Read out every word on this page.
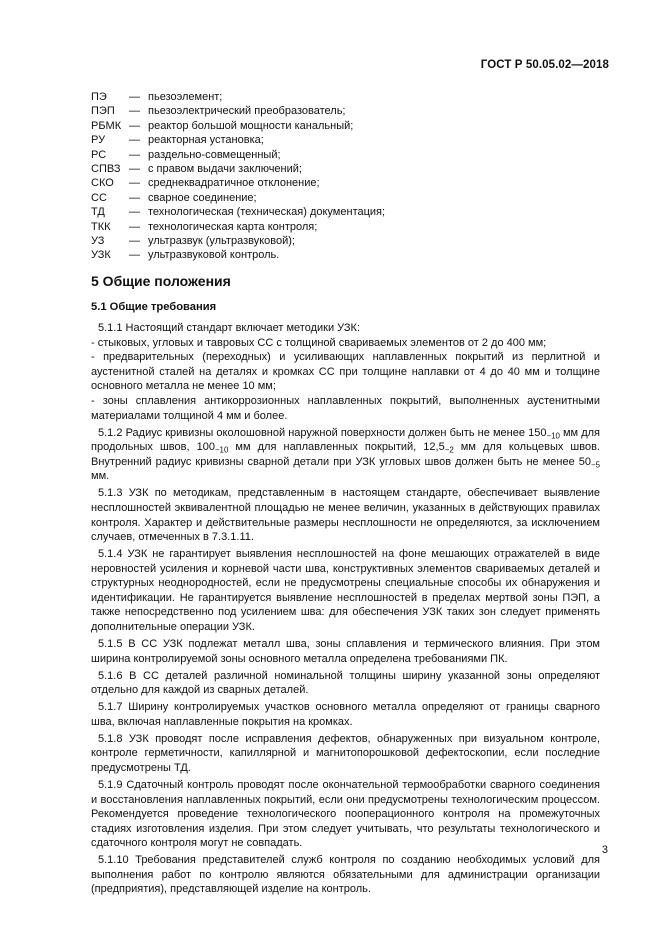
ГОСТ Р 50.05.02—2018
ПЭ	— пьезоэлемент;
ПЭП	— пьезоэлектрический преобразователь;
РБМК — реактор большой мощности канальный;
РУ	— реакторная установка;
РС	— раздельно-совмещенный;
СПВЗ — с правом выдачи заключений;
СКО	— среднеквадратичное отклонение;
СС	— сварное соединение;
ТД	— технологическая (техническая) документация;
ТКК	— технологическая карта контроля;
УЗ	— ультразвук (ультразвуковой);
УЗК	— ультразвуковой контроль.
5 Общие положения
5.1 Общие требования

5.1.1 Настоящий стандарт включает методики УЗК:

- стыковых, угловых и тавровых СС с толщиной свариваемых элементов от 2 до 400 мм;

- предварительных (переходных) и усиливающих наплавленных покрытий из перлитной и аустенитной сталей на деталях и кромках СС при толщине наплавки от 4 до 40 мм и толщине основного металла не менее 10 мм;

- зоны сплавления антикоррозионных наплавленных покрытий, выполненных аустенитными материалами толщиной 4 мм и более.

5.1.2 Радиус кривизны околошовной наружной поверхности должен быть не менее $150_{-10}$ мм для продольных швов, $100_{-10}$ мм для наплавленных покрытий, $12,5_{-2}$ мм для кольцевых швов. Внутренний радиус кривизны сварной детали при УЗК угловых швов должен быть не менее $50_{-5}$ мм.

5.1.3 УЗК по методикам, представленным в настоящем стандарте, обеспечивает выявление несплошностей эквивалентной площадью не менее величин, указанных в действующих правилах контроля. Характер и действительные размеры несплошности не определяются, за исключением случаев, отмеченных в 7.3.1.11.

5.1.4 УЗК не гарантирует выявления несплошностей на фоне мешающих отражателей в виде неровностей усиления и корневой части шва, конструктивных элементов свариваемых деталей и структурных неоднородностей, если не предусмотрены специальные способы их обнаружения и идентификации. Не гарантируется выявление несплошностей в пределах мертвой зоны ПЭП, а также непосредственно под усилением шва: для обеспечения УЗК таких зон следует применять дополнительные операции УЗК.

5.1.5 В СС УЗК подлежат металл шва, зоны сплавления и термического влияния. При этом ширина контролируемой зоны основного металла определена требованиями ПК.

5.1.6 В СС деталей различной номинальной толщины ширину указанной зоны определяют отдельно для каждой из сварных деталей.

5.1.7 Ширину контролируемых участков основного металла определяют от границы сварного шва, включая наплавленные покрытия на кромках.

5.1.8 УЗК проводят после исправления дефектов, обнаруженных при визуальном контроле, контроле герметичности, капиллярной и магнитопорошковой дефектоскопии, если последние предусмотрены ТД.

5.1.9 Сдаточный контроль проводят после окончательной термообработки сварного соединения и восстановления наплавленных покрытий, если они предусмотрены технологическим процессом. Рекомендуется проведение технологического пооперационного контроля на промежуточных стадиях изготовления изделия. При этом следует учитывать, что результаты технологического и сдаточного контроля могут не совпадать.

5.1.10 Требования представителей служб контроля по созданию необходимых условий для выполнения работ по контролю являются обязательными для администрации организации (предприятия), представляющей изделие на контроль.

3
